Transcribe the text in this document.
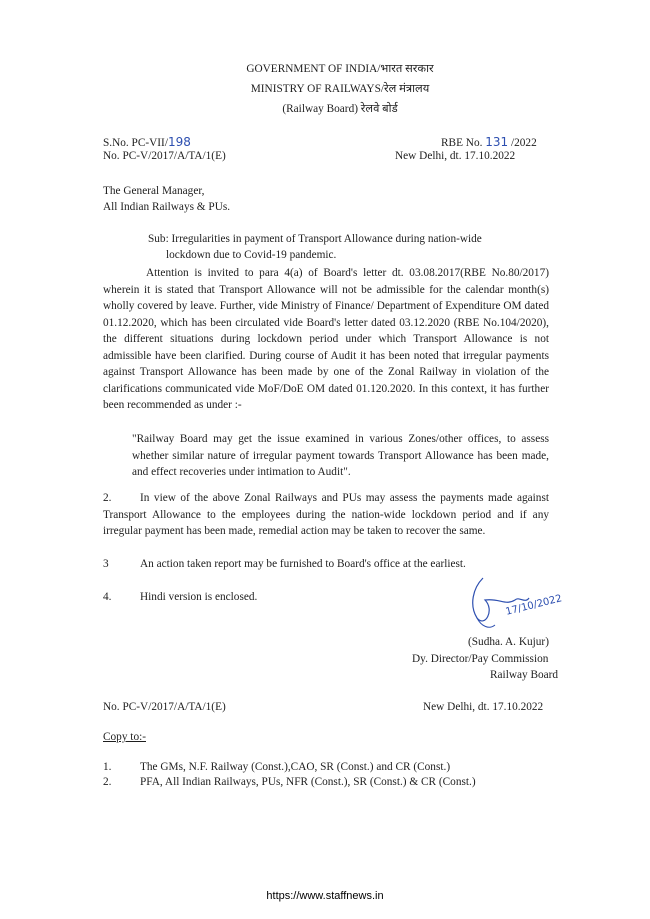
GOVERNMENT OF INDIA/भारत सरकार
MINISTRY OF RAILWAYS/रेल मंत्रालय
(Railway Board) रेलवे बोर्ड
S.No. PC-VII/198
No. PC-V/2017/A/TA/1(E)
RBE No. 131 /2022
New Delhi, dt. 17.10.2022
The General Manager,
All Indian Railways & PUs.
Sub: Irregularities in payment of Transport Allowance during nation-wide
lockdown due to Covid-19 pandemic.
Attention is invited to para 4(a) of Board's letter dt. 03.08.2017(RBE No.80/2017) wherein it is stated that Transport Allowance will not be admissible for the calendar month(s) wholly covered by leave. Further, vide Ministry of Finance/ Department of Expenditure OM dated 01.12.2020, which has been circulated vide Board's letter dated 03.12.2020 (RBE No.104/2020), the different situations during lockdown period under which Transport Allowance is not admissible have been clarified. During course of Audit it has been noted that irregular payments against Transport Allowance has been made by one of the Zonal Railway in violation of the clarifications communicated vide MoF/DoE OM dated 01.120.2020. In this context, it has further been recommended as under :-
"Railway Board may get the issue examined in various Zones/other offices, to assess whether similar nature of irregular payment towards Transport Allowance has been made, and effect recoveries under intimation to Audit".
2.	In view of the above Zonal Railways and PUs may assess the payments made against Transport Allowance to the employees during the nation-wide lockdown period and if any irregular payment has been made, remedial action may be taken to recover the same.
3	An action taken report may be furnished to Board's office at the earliest.
4.	Hindi version is enclosed.	17/10/2022
(Sudha. A. Kujur)
Dy. Director/Pay Commission
Railway Board
No. PC-V/2017/A/TA/1(E)	New Delhi, dt. 17.10.2022
Copy to:-
1.	The GMs, N.F. Railway (Const.),CAO, SR (Const.) and CR (Const.)
2.	PFA, All Indian Railways, PUs, NFR (Const.), SR (Const.) & CR (Const.)
https://www.staffnews.in
